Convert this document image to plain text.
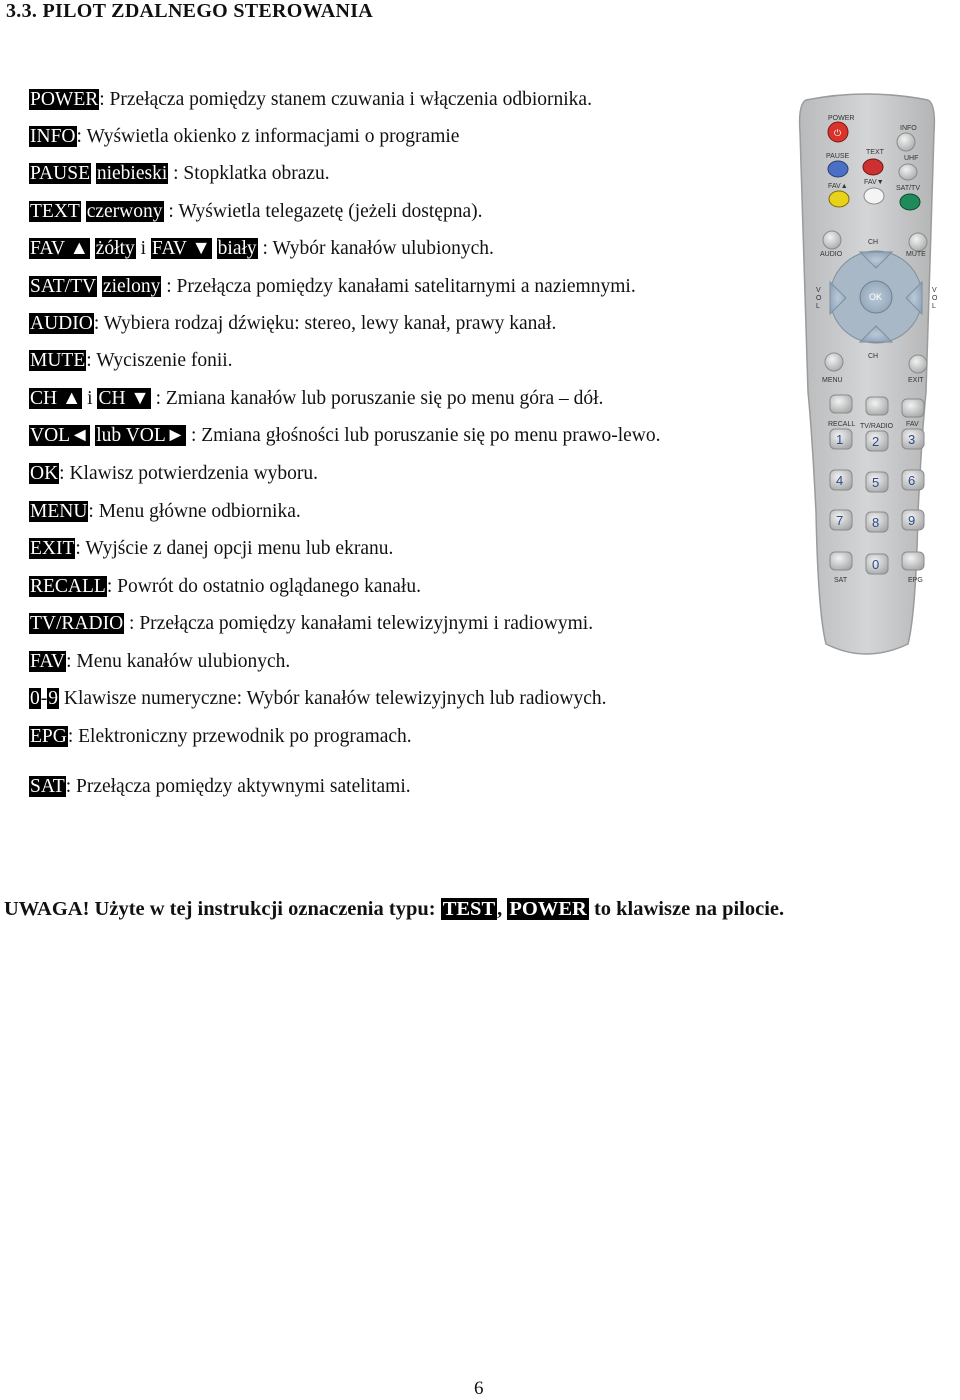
3.3. PILOT ZDALNEGO STEROWANIA
POWER: Przełącza pomiędzy stanem czuwania i włączenia odbiornika.
INFO: Wyświetla okienko z informacjami o programie
PAUSE niebieski : Stopklatka obrazu.
TEXT czerwony : Wyświetla telegazetę (jeżeli dostępna).
FAV ▲ żółty i FAV ▼ biały : Wybór kanałów ulubionych.
SAT/TV zielony : Przełącza pomiędzy kanałami satelitarnymi a naziemnymi.
AUDIO: Wybiera rodzaj dźwięku: stereo, lewy kanał, prawy kanał.
MUTE: Wyciszenie fonii.
CH ▲ i CH ▼ : Zmiana kanałów lub poruszanie się po menu góra – dół.
VOL◄ lub VOL► : Zmiana głośności lub poruszanie się po menu prawo-lewo.
OK: Klawisz potwierdzenia wyboru.
MENU: Menu główne odbiornika.
EXIT: Wyjście z danej opcji menu lub ekranu.
RECALL: Powrót do ostatnio oglądanego kanału.
TV/RADIO : Przełącza pomiędzy kanałami telewizyjnymi i radiowymi.
FAV: Menu kanałów ulubionych.
0-9 Klawisze numeryczne: Wybór kanałów telewizyjnych lub radiowych.
EPG: Elektroniczny przewodnik po programach.
SAT: Przełącza pomiędzy aktywnymi satelitami.
UWAGA! Użyte w tej instrukcji oznaczenia typu: TEST, POWER to klawisze na pilocie.
POWER
INFO
⏻
PAUSE
TEXT
UHF
FAV▲
FAV▼
SAT/TV
AUDIO
CH
MUTE
OK
V
O
L
V
O
L
CH
MENU	EXIT
RECALL TV/RADIO FAV
1 2 3
4 5 6
7 8 9
0
SAT	EPG
6
